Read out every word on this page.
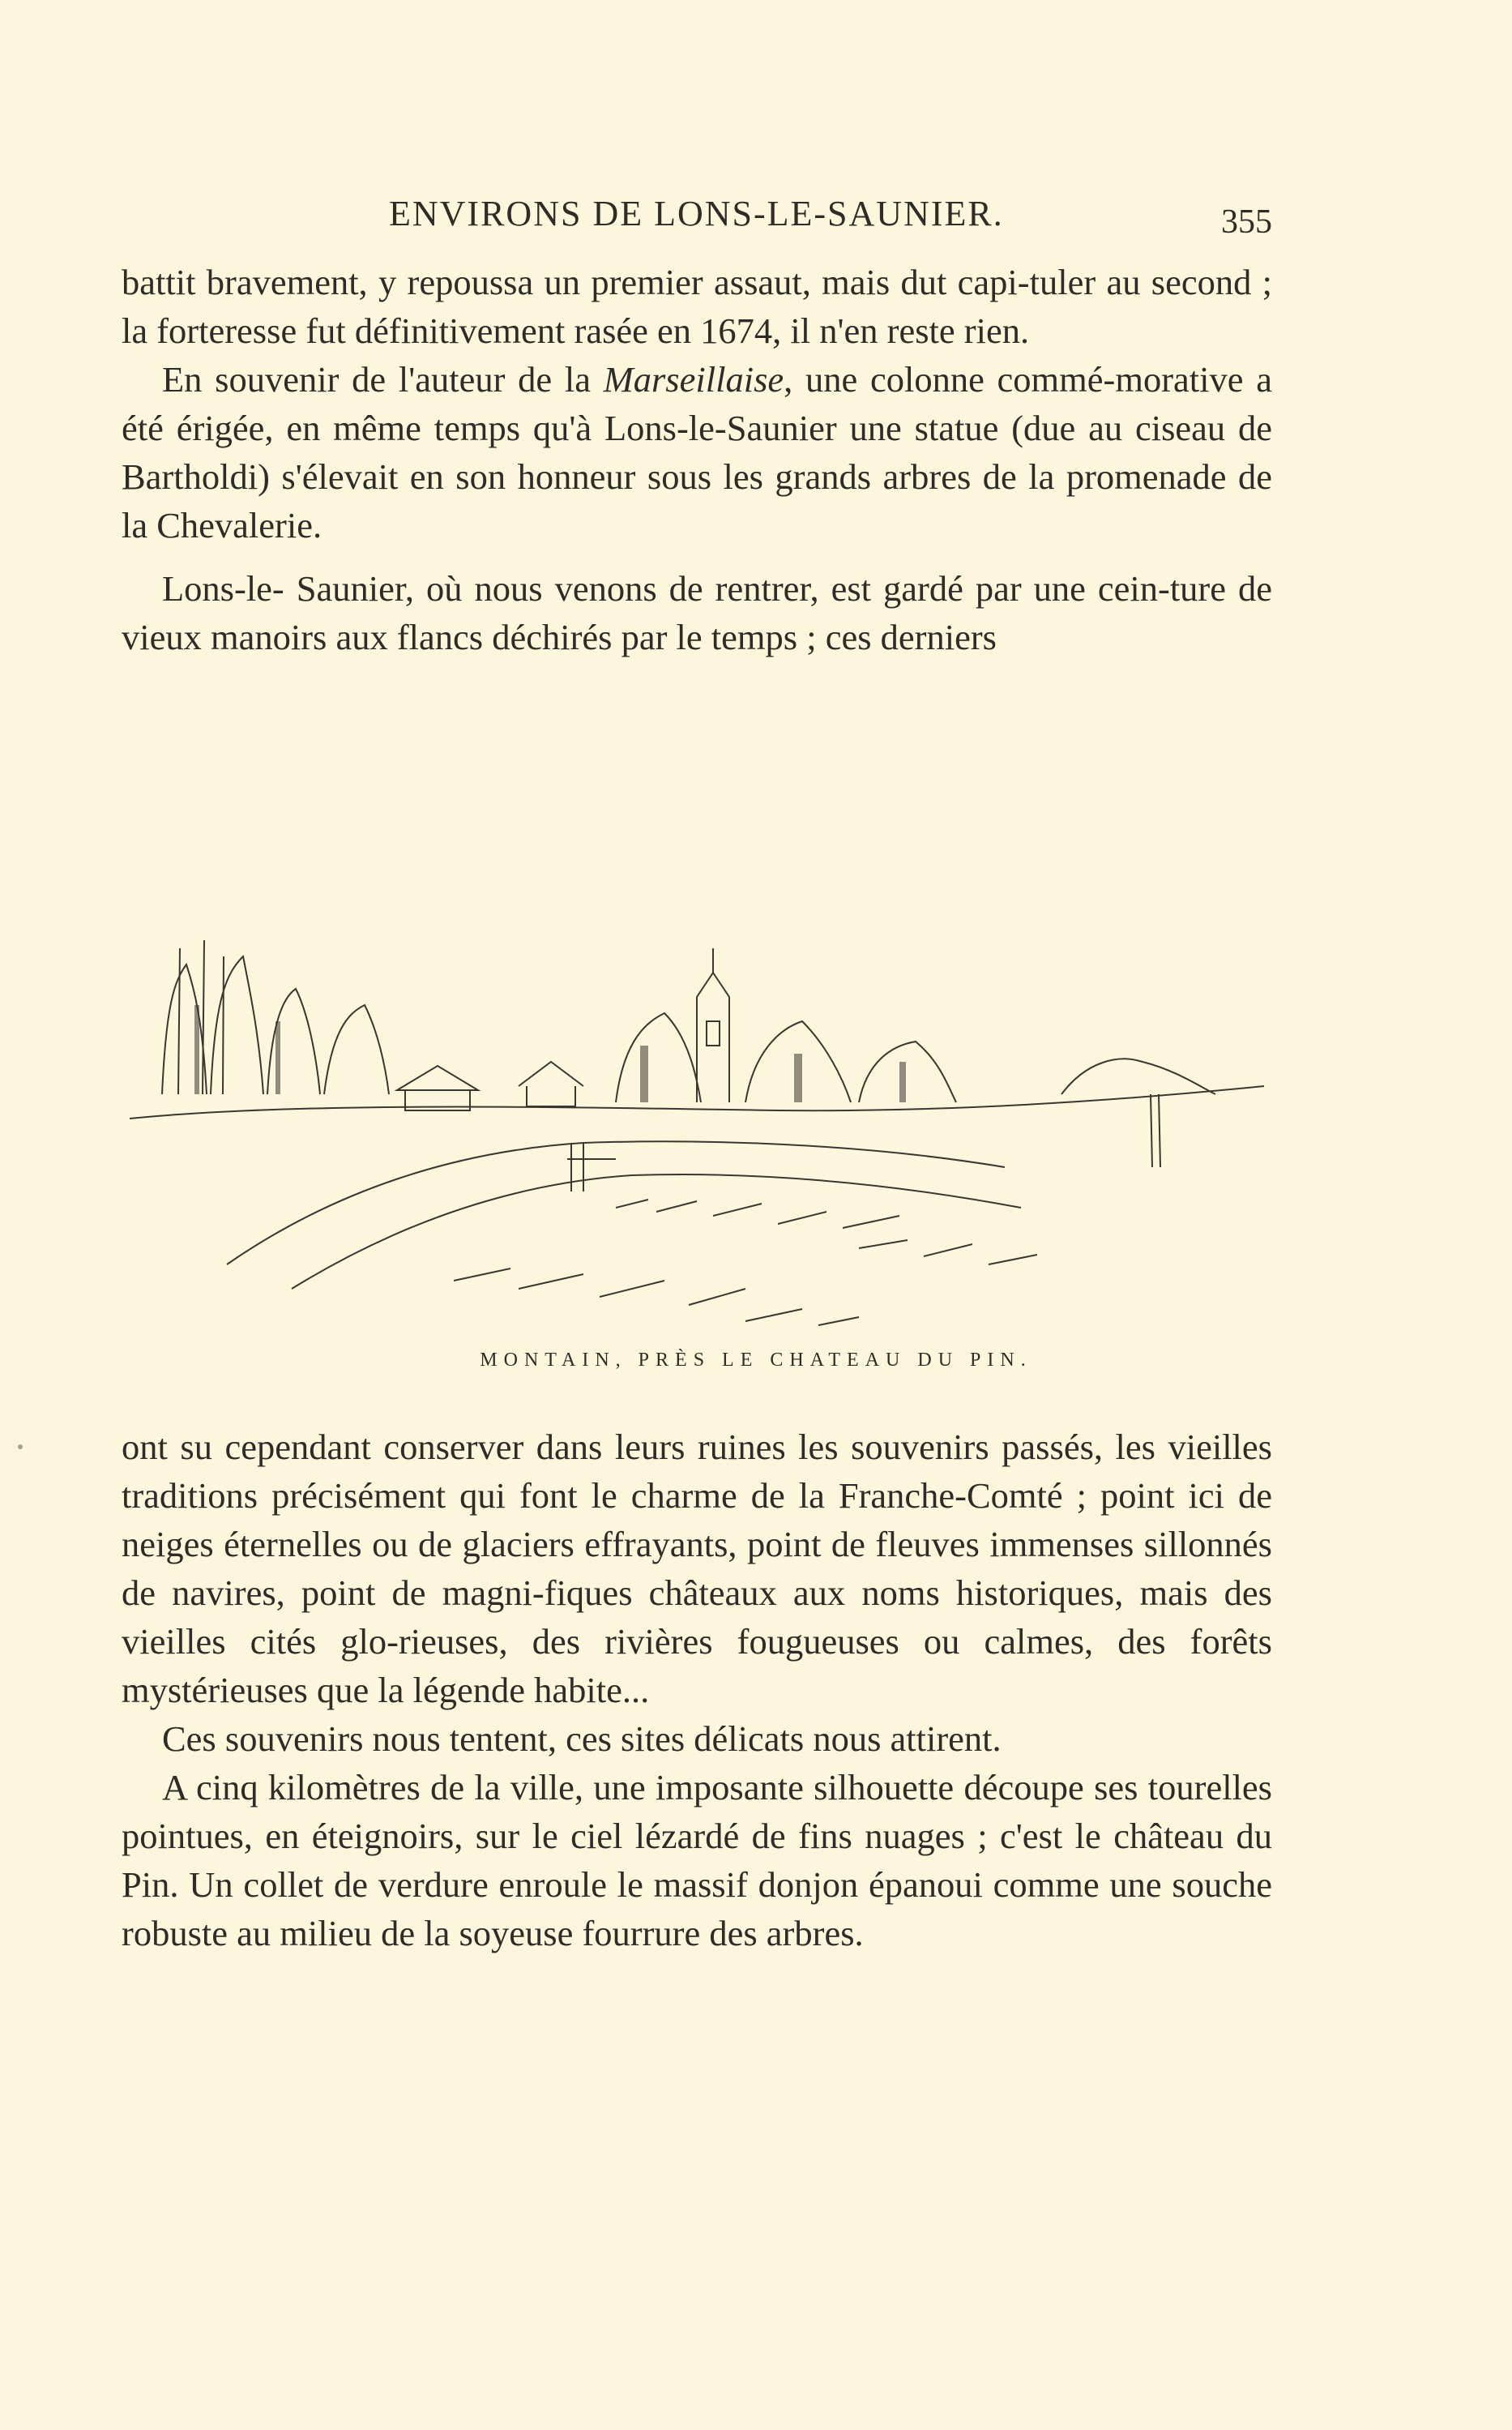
ENVIRONS DE LONS-LE-SAUNIER.	355

battit bravement, y repoussa un premier assaut, mais dut capi-tuler au second ; la forteresse fut définitivement rasée en 1674, il n'en reste rien.

En souvenir de l'auteur de la Marseillaise, une colonne commé-morative a été érigée, en même temps qu'à Lons-le-Saunier une statue (due au ciseau de Bartholdi) s'élevait en son honneur sous les grands arbres de la promenade de la Chevalerie.

Lons-le- Saunier, où nous venons de rentrer, est gardé par une cein-ture de vieux manoirs aux flancs déchirés par le temps ; ces derniers

MONTAIN, PRÈS LE CHATEAU DU PIN.

ont su cependant conserver dans leurs ruines les souvenirs passés, les vieilles traditions précisément qui font le charme de la Franche-Comté ; point ici de neiges éternelles ou de glaciers effrayants, point de fleuves immenses sillonnés de navires, point de magni-fiques châteaux aux noms historiques, mais des vieilles cités glo-rieuses, des rivières fougueuses ou calmes, des forêts mystérieuses que la légende habite...

Ces souvenirs nous tentent, ces sites délicats nous attirent.

A cinq kilomètres de la ville, une imposante silhouette découpe ses tourelles pointues, en éteignoirs, sur le ciel lézardé de fins nuages ; c'est le château du Pin. Un collet de verdure enroule le massif donjon épanoui comme une souche robuste au milieu de la soyeuse fourrure des arbres.
